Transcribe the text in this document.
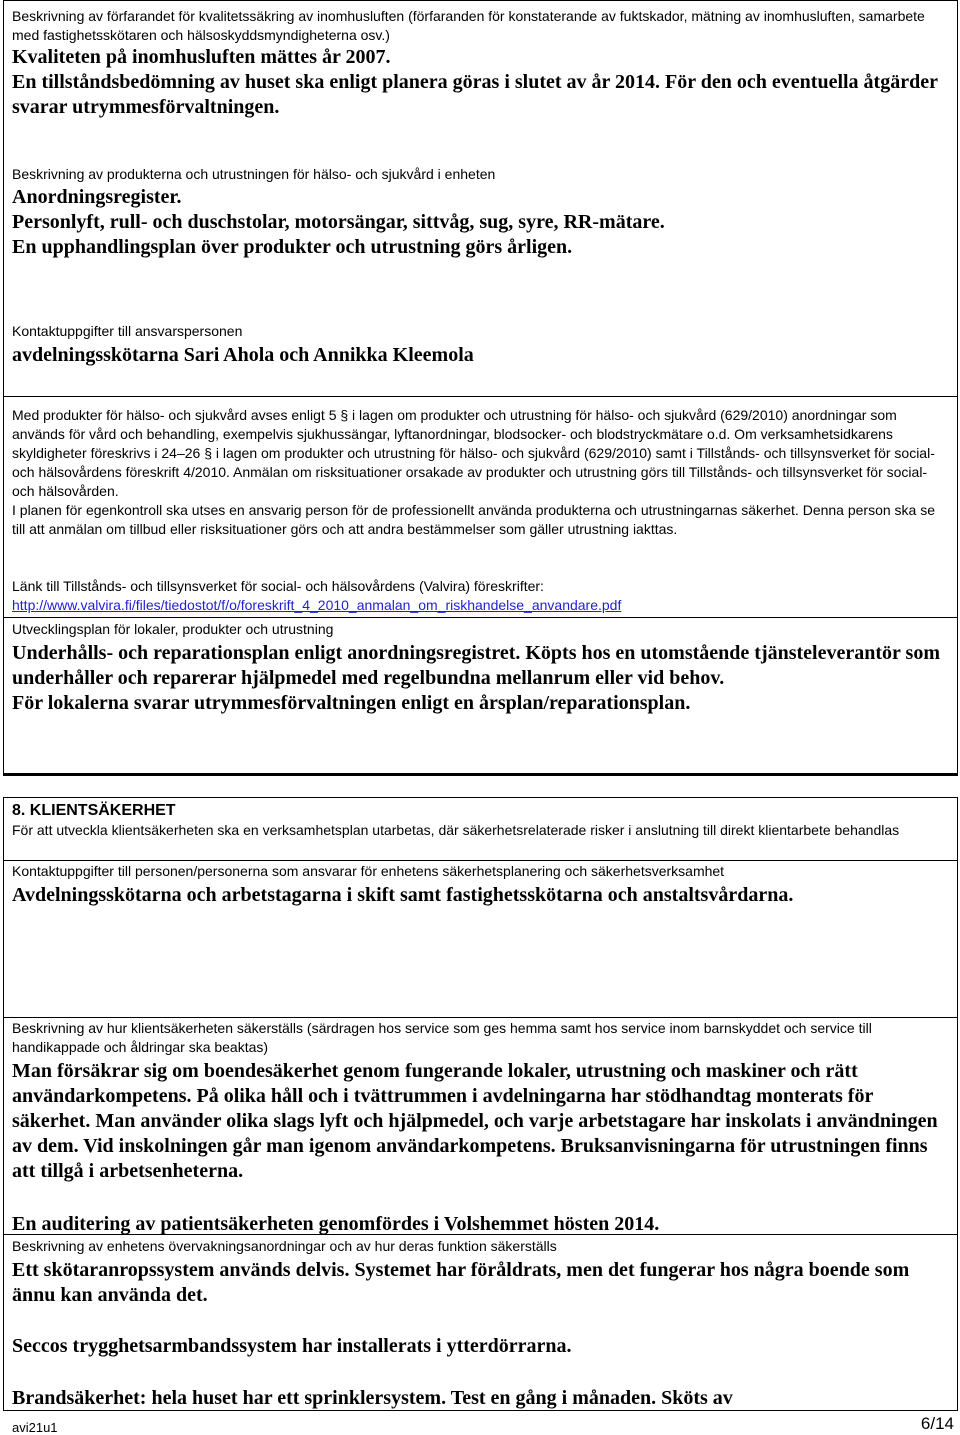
Beskrivning av förfarandet för kvalitetssäkring av inomhusluften (förfaranden för konstaterande av fuktskador, mätning av inomhusluften, samarbete med fastighetsskötaren och hälsoskyddsmyndigheterna osv.)
Kvaliteten på inomhusluften mättes år 2007.
En tillståndsbedömning av huset ska enligt planera göras i slutet av år 2014. För den och eventuella åtgärder svarar utrymmesförvaltningen.
Beskrivning av produkterna och utrustningen för hälso- och sjukvård i enheten
Anordningsregister.
Personlyft, rull- och duschstolar, motorsängar, sittvåg, sug, syre, RR-mätare.
En upphandlingsplan över produkter och utrustning görs årligen.
Kontaktuppgifter till ansvarspersonen
avdelningsskötarna Sari Ahola och Annikka Kleemola
Med produkter för hälso- och sjukvård avses enligt 5 § i lagen om produkter och utrustning för hälso- och sjukvård (629/2010) anordningar som används för vård och behandling, exempelvis sjukhussängar, lyftanordningar, blodsocker- och blodstryckmätare o.d. Om verksamhetsidkarens skyldigheter föreskrivs i 24–26 § i lagen om produkter och utrustning för hälso- och sjukvård (629/2010) samt i Tillstånds- och tillsynsverket för social- och hälsovårdens föreskrift 4/2010. Anmälan om risksituationer orsakade av produkter och utrustning görs till Tillstånds- och tillsynsverket för social- och hälsovården.
I planen för egenkontroll ska utses en ansvarig person för de professionellt använda produkterna och utrustningarnas säkerhet. Denna person ska se till att anmälan om tillbud eller risksituationer görs och att andra bestämmelser som gäller utrustning iakttas.
Länk till Tillstånds- och tillsynsverket för social- och hälsovårdens (Valvira) föreskrifter:
http://www.valvira.fi/files/tiedostot/f/o/foreskrift_4_2010_anmalan_om_riskhandelse_anvandare.pdf
Utvecklingsplan för lokaler, produkter och utrustning
Underhålls- och reparationsplan enligt anordningsregistret. Köpts hos en utomstående tjänsteleverantör som underhåller och reparerar hjälpmedel med regelbundna mellanrum eller vid behov.
För lokalerna svarar utrymmesförvaltningen enligt en årsplan/reparationsplan.
8. KLIENTSÄKERHET
För att utveckla klientsäkerheten ska en verksamhetsplan utarbetas, där säkerhetsrelaterade risker i anslutning till direkt klientarbete behandlas
Kontaktuppgifter till personen/personerna som ansvarar för enhetens säkerhetsplanering och säkerhetsverksamhet
Avdelningsskötarna och arbetstagarna i skift samt fastighetsskötarna och anstaltsvårdarna.
Beskrivning av hur klientsäkerheten säkerställs (särdragen hos service som ges hemma samt hos service inom barnskyddet och service till handikappade och åldringar ska beaktas)
Man försäkrar sig om boendesäkerhet genom fungerande lokaler, utrustning och maskiner och rätt användarkompetens. På olika håll och i tvättrummen i avdelningarna har stödhandtag monterats för säkerhet. Man använder olika slags lyft och hjälpmedel, och varje arbetstagare har inskolats i användningen av dem. Vid inskolningen går man igenom användarkompetens. Bruksanvisningarna för utrustningen finns att tillgå i arbetsenheterna.
En auditering av patientsäkerheten genomfördes i Volshemmet hösten 2014.
Beskrivning av enhetens övervakningsanordningar och av hur deras funktion säkerställs
Ett skötaranropssystem används delvis. Systemet har föråldrats, men det fungerar hos några boende som ännu kan använda det.
Seccos trygghetsarmbandssystem har installerats i ytterdörrarna.
Brandsäkerhet: hela huset har ett sprinklersystem. Test en gång i månaden. Sköts av
avi21u1	6/14
